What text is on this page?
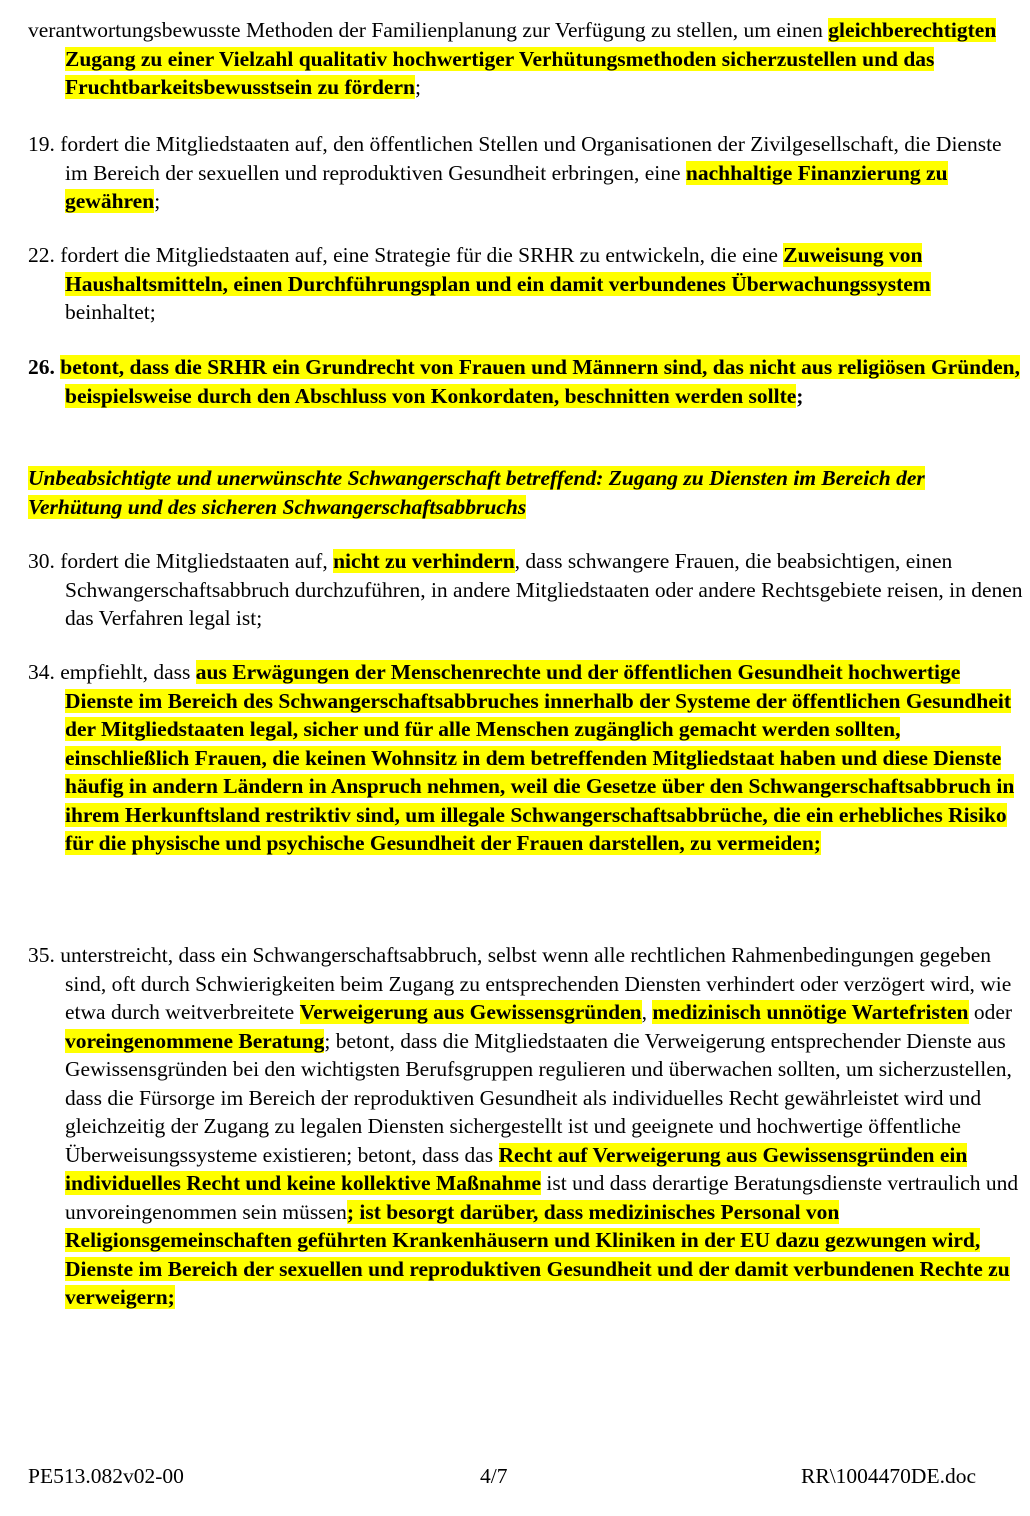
verantwortungsbewusste Methoden der Familienplanung zur Verfügung zu stellen, um einen gleichberechtigten Zugang zu einer Vielzahl qualitativ hochwertiger Verhütungsmethoden sicherzustellen und das Fruchtbarkeitsbewusstsein zu fördern;

19. fordert die Mitgliedstaaten auf, den öffentlichen Stellen und Organisationen der Zivilgesellschaft, die Dienste im Bereich der sexuellen und reproduktiven Gesundheit erbringen, eine nachhaltige Finanzierung zu gewähren;

22. fordert die Mitgliedstaaten auf, eine Strategie für die SRHR zu entwickeln, die eine Zuweisung von Haushaltsmitteln, einen Durchführungsplan und ein damit verbundenes Überwachungssystem beinhaltet;

26. betont, dass die SRHR ein Grundrecht von Frauen und Männern sind, das nicht aus religiösen Gründen, beispielsweise durch den Abschluss von Konkordaten, beschnitten werden sollte;

Unbeabsichtigte und unerwünschte Schwangerschaft betreffend: Zugang zu Diensten im Bereich der Verhütung und des sicheren Schwangerschaftsabbruchs

30. fordert die Mitgliedstaaten auf, nicht zu verhindern, dass schwangere Frauen, die beabsichtigen, einen Schwangerschaftsabbruch durchzuführen, in andere Mitgliedstaaten oder andere Rechtsgebiete reisen, in denen das Verfahren legal ist;

34. empfiehlt, dass aus Erwägungen der Menschenrechte und der öffentlichen Gesundheit hochwertige Dienste im Bereich des Schwangerschaftsabbruches innerhalb der Systeme der öffentlichen Gesundheit der Mitgliedstaaten legal, sicher und für alle Menschen zugänglich gemacht werden sollten, einschließlich Frauen, die keinen Wohnsitz in dem betreffenden Mitgliedstaat haben und diese Dienste häufig in andern Ländern in Anspruch nehmen, weil die Gesetze über den Schwangerschaftsabbruch in ihrem Herkunftsland restriktiv sind, um illegale Schwangerschaftsabbrüche, die ein erhebliches Risiko für die physische und psychische Gesundheit der Frauen darstellen, zu vermeiden;

35. unterstreicht, dass ein Schwangerschaftsabbruch, selbst wenn alle rechtlichen Rahmenbedingungen gegeben sind, oft durch Schwierigkeiten beim Zugang zu entsprechenden Diensten verhindert oder verzögert wird, wie etwa durch weitverbreitete Verweigerung aus Gewissensgründen, medizinisch unnötige Wartefristen oder voreingenommene Beratung; betont, dass die Mitgliedstaaten die Verweigerung entsprechender Dienste aus Gewissensgründen bei den wichtigsten Berufsgruppen regulieren und überwachen sollten, um sicherzustellen, dass die Fürsorge im Bereich der reproduktiven Gesundheit als individuelles Recht gewährleistet wird und gleichzeitig der Zugang zu legalen Diensten sichergestellt ist und geeignete und hochwertige öffentliche Überweisungssysteme existieren; betont, dass das Recht auf Verweigerung aus Gewissensgründen ein individuelles Recht und keine kollektive Maßnahme ist und dass derartige Beratungsdienste vertraulich und unvoreingenommen sein müssen; ist besorgt darüber, dass medizinisches Personal von Religionsgemeinschaften geführten Krankenhäusern und Kliniken in der EU dazu gezwungen wird, Dienste im Bereich der sexuellen und reproduktiven Gesundheit und der damit verbundenen Rechte zu verweigern;

PE513.082v02-00	4/7	RR\1004470DE.doc
